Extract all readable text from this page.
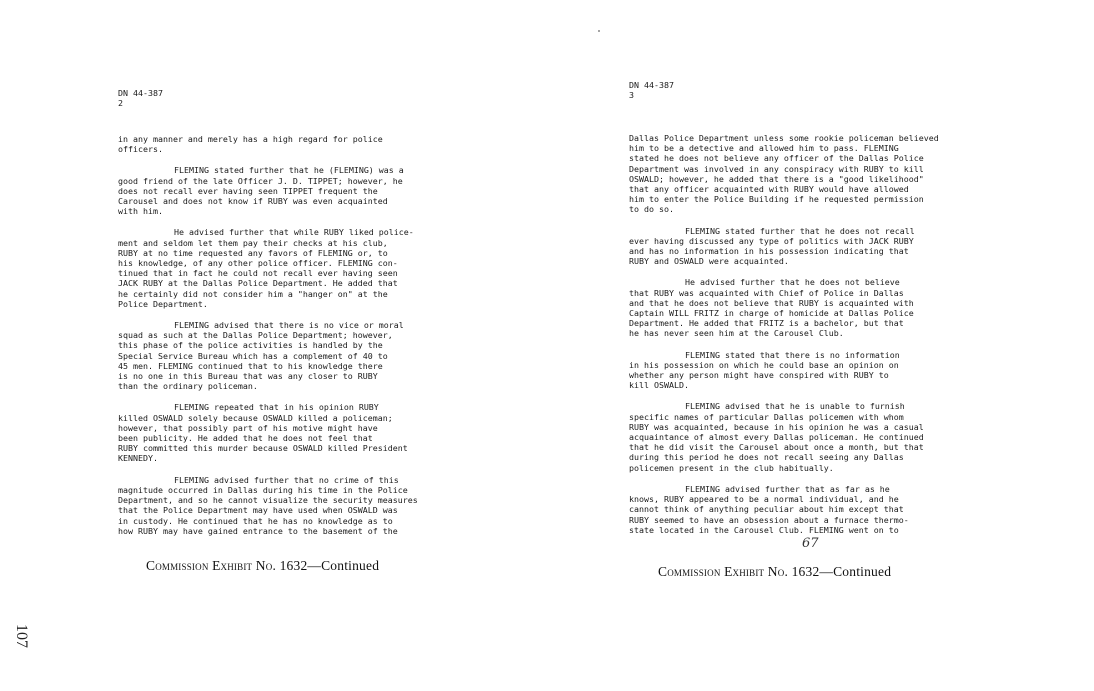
DN 44-387
2

in any manner and merely has a high regard for police
officers.

FLEMING stated further that he (FLEMING) was a
good friend of the late Officer J. D. TIPPET; however, he
does not recall ever having seen TIPPET frequent the
Carousel and does not know if RUBY was even acquainted
with him.

He advised further that while RUBY liked police-
ment and seldom let them pay their checks at his club,
RUBY at no time requested any favors of FLEMING or, to
his knowledge, of any other police officer. FLEMING con-
tinued that in fact he could not recall ever having seen
JACK RUBY at the Dallas Police Department. He added that
he certainly did not consider him a "hanger on" at the
Police Department.

FLEMING advised that there is no vice or moral
squad as such at the Dallas Police Department; however,
this phase of the police activities is handled by the
Special Service Bureau which has a complement of 40 to
45 men. FLEMING continued that to his knowledge there
is no one in this Bureau that was any closer to RUBY
than the ordinary policeman.

FLEMING repeated that in his opinion RUBY
killed OSWALD solely because OSWALD killed a policeman;
however, that possibly part of his motive might have
been publicity. He added that he does not feel that
RUBY committed this murder because OSWALD killed President
KENNEDY.

FLEMING advised further that no crime of this
magnitude occurred in Dallas during his time in the Police
Department, and so he cannot visualize the security measures
that the Police Department may have used when OSWALD was
in custody. He continued that he has no knowledge as to
how RUBY may have gained entrance to the basement of the

Commission Exhibit No. 1632—Continued
107
DN 44-387
3

Dallas Police Department unless some rookie policeman believed
him to be a detective and allowed him to pass. FLEMING
stated he does not believe any officer of the Dallas Police
Department was involved in any conspiracy with RUBY to kill
OSWALD; however, he added that there is a "good likelihood"
that any officer acquainted with RUBY would have allowed
him to enter the Police Building if he requested permission
to do so.

FLEMING stated further that he does not recall
ever having discussed any type of politics with JACK RUBY
and has no information in his possession indicating that
RUBY and OSWALD were acquainted.

He advised further that he does not believe
that RUBY was acquainted with Chief of Police in Dallas
and that he does not believe that RUBY is acquainted with
Captain WILL FRITZ in charge of homicide at Dallas Police
Department. He added that FRITZ is a bachelor, but that
he has never seen him at the Carousel Club.

FLEMING stated that there is no information
in his possession on which he could base an opinion on
whether any person might have conspired with RUBY to
kill OSWALD.

FLEMING advised that he is unable to furnish
specific names of particular Dallas policemen with whom
RUBY was acquainted, because in his opinion he was a casual
acquaintance of almost every Dallas policeman. He continued
that he did visit the Carousel about once a month, but that
during this period he does not recall seeing any Dallas
policemen present in the club habitually.

FLEMING advised further that as far as he
knows, RUBY appeared to be a normal individual, and he
cannot think of anything peculiar about him except that
RUBY seemed to have an obsession about a furnace thermo-
state located in the Carousel Club. FLEMING went on to

67
Commission Exhibit No. 1632—Continued
